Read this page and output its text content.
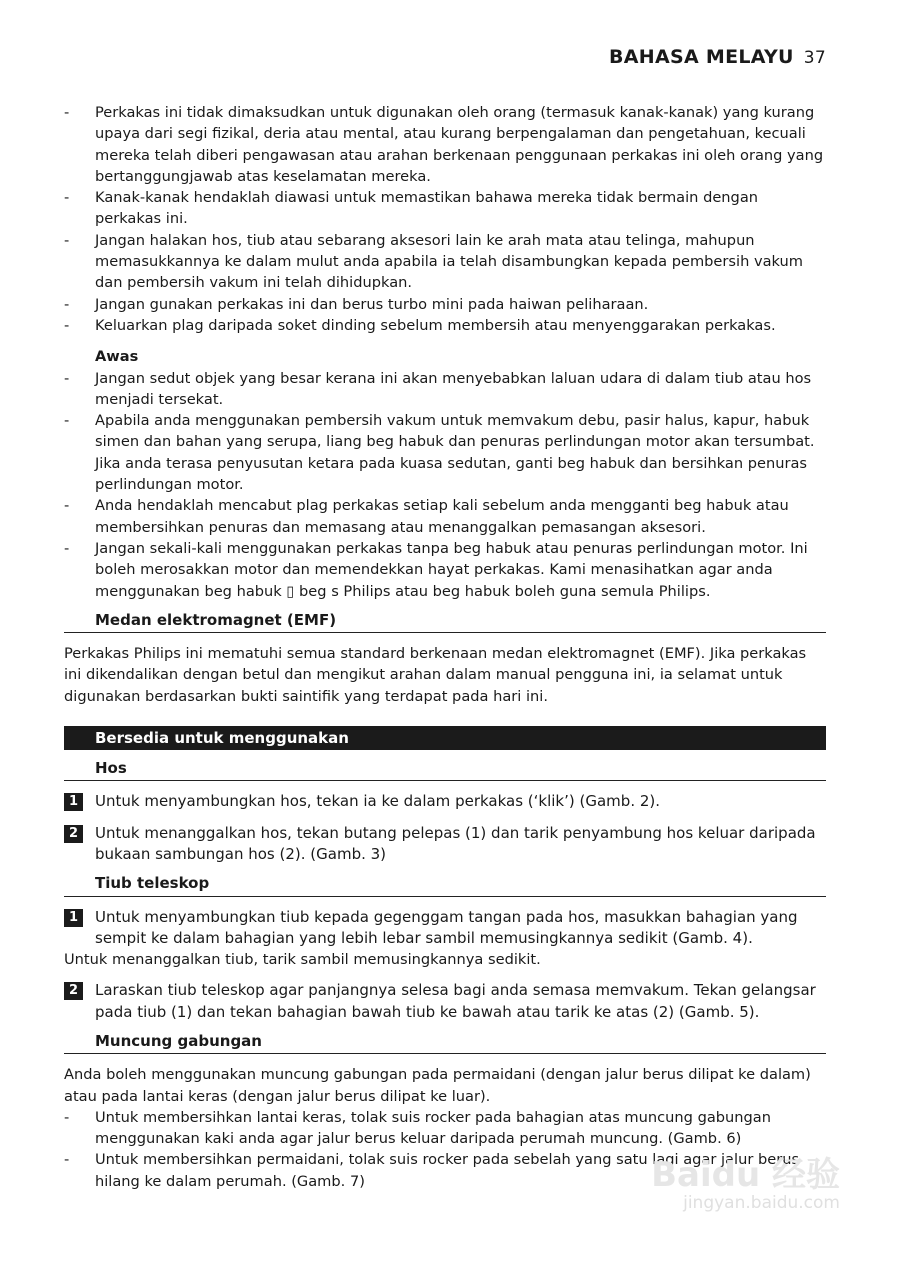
BAHASA MELAYU 37
- Perkakas ini tidak dimaksudkan untuk digunakan oleh orang (termasuk kanak-kanak) yang kurang upaya dari segi fizikal, deria atau mental, atau kurang berpengalaman dan pengetahuan, kecuali mereka telah diberi pengawasan atau arahan berkenaan penggunaan perkakas ini oleh orang yang bertanggungjawab atas keselamatan mereka.
- Kanak-kanak hendaklah diawasi untuk memastikan bahawa mereka tidak bermain dengan perkakas ini.
- Jangan halakan hos, tiub atau sebarang aksesori lain ke arah mata atau telinga, mahupun memasukkannya ke dalam mulut anda apabila ia telah disambungkan kepada pembersih vakum dan pembersih vakum ini telah dihidupkan.
- Jangan gunakan perkakas ini dan berus turbo mini pada haiwan peliharaan.
- Keluarkan plag daripada soket dinding sebelum membersih atau menyenggarakan perkakas.
Awas
- Jangan sedut objek yang besar kerana ini akan menyebabkan laluan udara di dalam tiub atau hos menjadi tersekat.
- Apabila anda menggunakan pembersih vakum untuk memvakum debu, pasir halus, kapur, habuk simen dan bahan yang serupa, liang beg habuk dan penuras perlindungan motor akan tersumbat. Jika anda terasa penyusutan ketara pada kuasa sedutan, ganti beg habuk dan bersihkan penuras perlindungan motor.
- Anda hendaklah mencabut plag perkakas setiap kali sebelum anda mengganti beg habuk atau membersihkan penuras dan memasang atau menanggalkan pemasangan aksesori.
- Jangan sekali-kali menggunakan perkakas tanpa beg habuk atau penuras perlindungan motor. Ini boleh merosakkan motor dan memendekkan hayat perkakas. Kami menasihatkan agar anda menggunakan beg habuk ▯ beg s Philips atau beg habuk boleh guna semula Philips.
Medan elektromagnet (EMF)

Perkakas Philips ini mematuhi semua standard berkenaan medan elektromagnet (EMF). Jika perkakas ini dikendalikan dengan betul dan mengikut arahan dalam manual pengguna ini, ia selamat untuk digunakan berdasarkan bukti saintifik yang terdapat pada hari ini.

Bersedia untuk menggunakan
Hos
1	Untuk menyambungkan hos, tekan ia ke dalam perkakas (‘klik’) (Gamb. 2).
2	Untuk menanggalkan hos, tekan butang pelepas (1) dan tarik penyambung hos keluar daripada bukaan sambungan hos (2). (Gamb. 3)
Tiub teleskop
1	Untuk menyambungkan tiub kepada gegenggam tangan pada hos, masukkan bahagian yang sempit ke dalam bahagian yang lebih lebar sambil memusingkannya sedikit (Gamb. 4).

Untuk menanggalkan tiub, tarik sambil memusingkannya sedikit.

2	Laraskan tiub teleskop agar panjangnya selesa bagi anda semasa memvakum. Tekan gelangsar pada tiub (1) dan tekan bahagian bawah tiub ke bawah atau tarik ke atas (2) (Gamb. 5).
Muncung gabungan

Anda boleh menggunakan muncung gabungan pada permaidani (dengan jalur berus dilipat ke dalam) atau pada lantai keras (dengan jalur berus dilipat ke luar).

- Untuk membersihkan lantai keras, tolak suis rocker pada bahagian atas muncung gabungan menggunakan kaki anda agar jalur berus keluar daripada perumah muncung. (Gamb. 6)
- Untuk membersihkan permaidani, tolak suis rocker pada sebelah yang satu lagi agar jalur berus hilang ke dalam perumah. (Gamb. 7)	Baidu 经验
jingyan.baidu.com
